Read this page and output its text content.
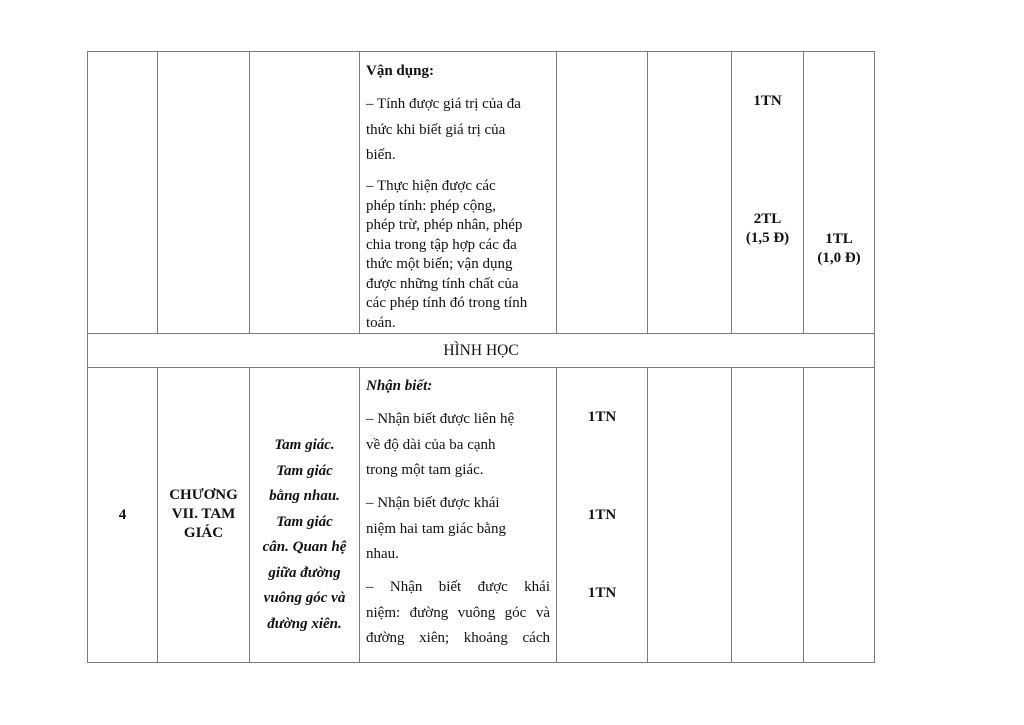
Vận dụng:
– Tính được giá trị của đa
thức khi biết giá trị của
biến.
– Thực hiện được các
phép tính: phép cộng,
phép trừ, phép nhân, phép
chia trong tập hợp các đa
thức một biến; vận dụng
được những tính chất của
các phép tính đó trong tính
toán.
1TN
2TL
(1,5 Đ)	1TL
(1,0 Đ)
HÌNH HỌC
4
CHƯƠNG
VII. TAM
GIÁC
Tam giác.
Tam giác
bằng nhau.
Tam giác
cân. Quan hệ
giữa đường
vuông góc và
đường xiên.
Nhận biết:
– Nhận biết được liên hệ
về độ dài của ba cạnh
trong một tam giác.
– Nhận biết được khái
niệm hai tam giác bằng
nhau.
– Nhận biết được khái
niệm: đường vuông góc và
đường xiên; khoảng cách
1TN
1TN
1TN
